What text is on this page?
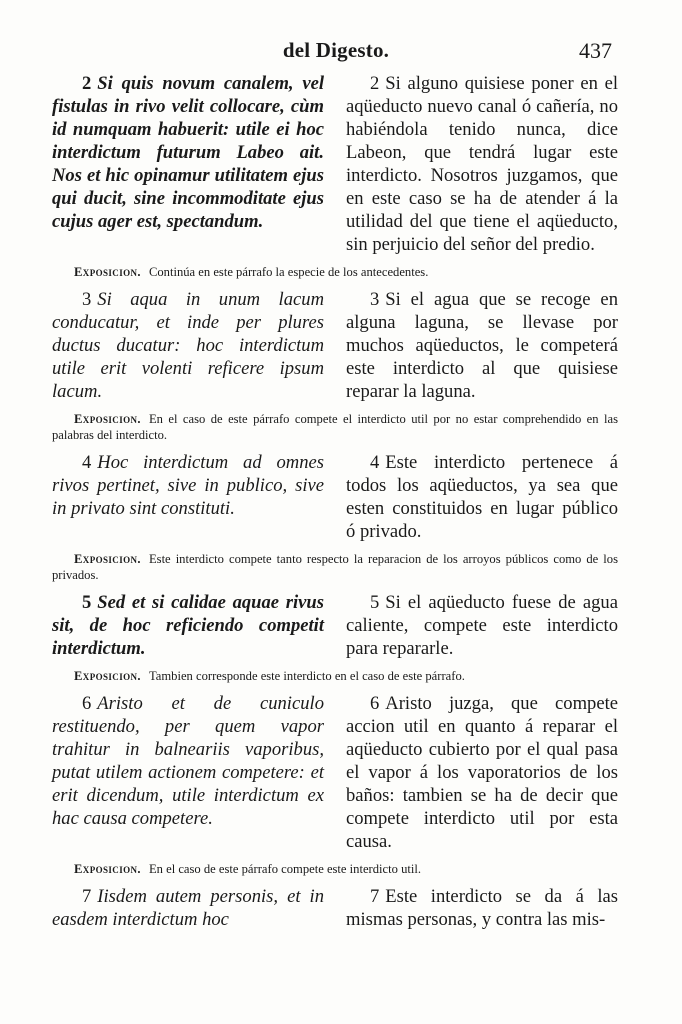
del Digesto.	437
2 Si quis novum canalem, vel fistulas in rivo velit collocare, cùm id numquam habuerit: utile ei hoc interdictum futurum Labeo ait. Nos et hic opinamur utilitatem ejus qui ducit, sine incommoditate ejus cujus ager est, spectandum.
2 Si alguno quisiese poner en el aqüeducto nuevo canal ó cañería, no habiéndola tenido nunca, dice Labeon, que tendrá lugar este interdicto. Nosotros juzgamos, que en este caso se ha de atender á la utilidad del que tiene el aqüeducto, sin perjuicio del señor del predio.
Exposicion. Continúa en este párrafo la especie de los antecedentes.
3 Si aqua in unum lacum conducatur, et inde per plures ductus ducatur: hoc interdictum utile erit volenti reficere ipsum lacum.
3 Si el agua que se recoge en alguna laguna, se llevase por muchos aqüeductos, le competerá este interdicto al que quisiese reparar la laguna.
Exposicion. En el caso de este párrafo compete el interdicto util por no estar comprehendido en las palabras del interdicto.
4 Hoc interdictum ad omnes rivos pertinet, sive in publico, sive in privato sint constituti.
4 Este interdicto pertenece á todos los aqüeductos, ya sea que esten constituidos en lugar público ó privado.
Exposicion. Este interdicto compete tanto respecto la reparacion de los arroyos públicos como de los privados.
5 Sed et si calidae aquae rivus sit, de hoc reficiendo competit interdictum.
5 Si el aqüeducto fuese de agua caliente, compete este interdicto para repararle.
Exposicion. Tambien corresponde este interdicto en el caso de este párrafo.
6 Aristo et de cuniculo restituendo, per quem vapor trahitur in balneariis vaporibus, putat utilem actionem competere: et erit dicendum, utile interdictum ex hac causa competere.
6 Aristo juzga, que compete accion util en quanto á reparar el aqüeducto cubierto por el qual pasa el vapor á los vaporatorios de los baños: tambien se ha de decir que compete interdicto util por esta causa.
Exposicion. En el caso de este párrafo compete este interdicto util.
7 Iisdem autem personis, et in easdem interdictum hoc
7 Este interdicto se da á las mismas personas, y contra las mis-
